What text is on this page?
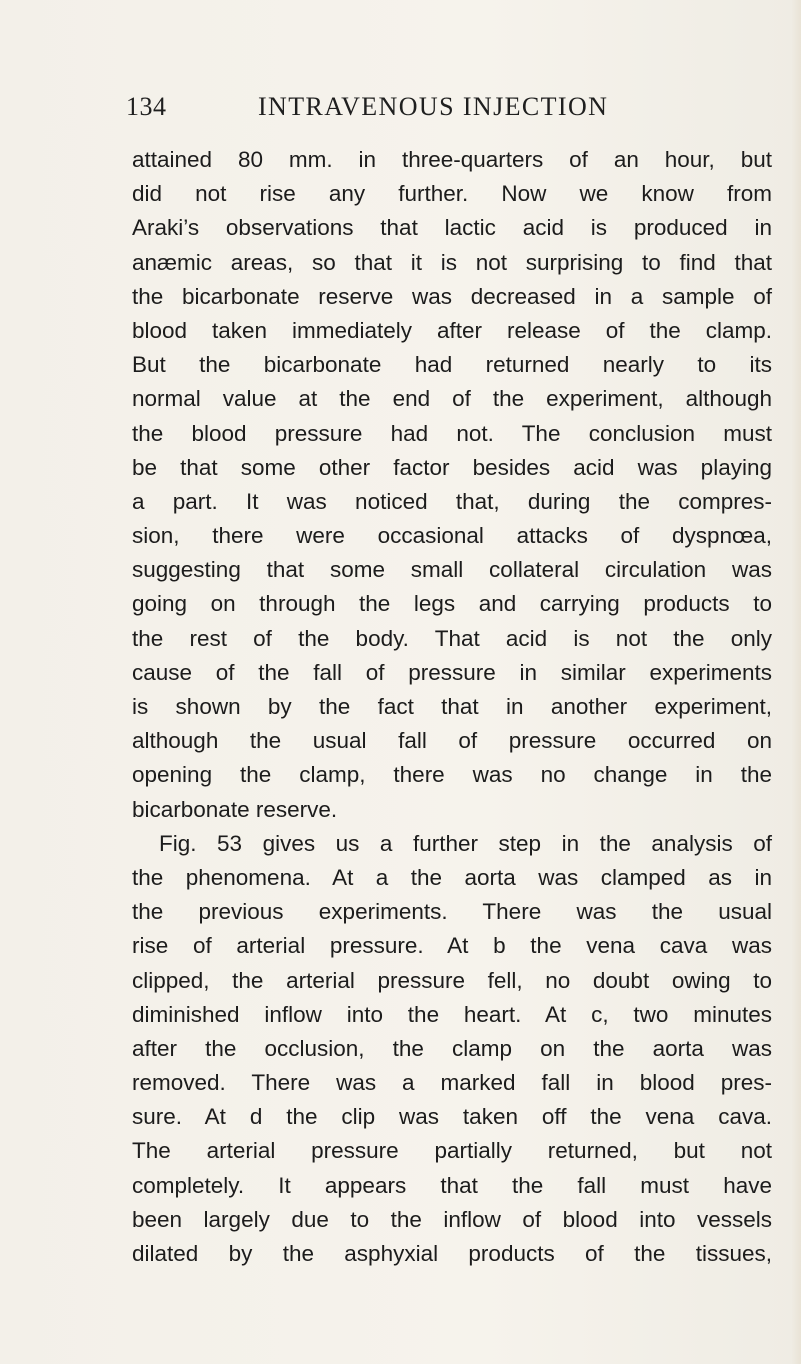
134	INTRAVENOUS INJECTION
attained 80 mm. in three-quarters of an hour, but
did not rise any further. Now we know from
Araki’s observations that lactic acid is produced in
anæmic areas, so that it is not surprising to find that
the bicarbonate reserve was decreased in a sample of
blood taken immediately after release of the clamp.
But the bicarbonate had returned nearly to its
normal value at the end of the experiment, although
the blood pressure had not. The conclusion must
be that some other factor besides acid was playing
a part. It was noticed that, during the compres-
sion, there were occasional attacks of dyspnœa,
suggesting that some small collateral circulation was
going on through the legs and carrying products to
the rest of the body. That acid is not the only
cause of the fall of pressure in similar experiments
is shown by the fact that in another experiment,
although the usual fall of pressure occurred on
opening the clamp, there was no change in the
bicarbonate reserve.
Fig. 53 gives us a further step in the analysis of
the phenomena. At a the aorta was clamped as in
the previous experiments. There was the usual
rise of arterial pressure. At b the vena cava was
clipped, the arterial pressure fell, no doubt owing to
diminished inflow into the heart. At c, two minutes
after the occlusion, the clamp on the aorta was
removed. There was a marked fall in blood pres-
sure. At d the clip was taken off the vena cava.
The arterial pressure partially returned, but not
completely. It appears that the fall must have
been largely due to the inflow of blood into vessels
dilated by the asphyxial products of the tissues,
